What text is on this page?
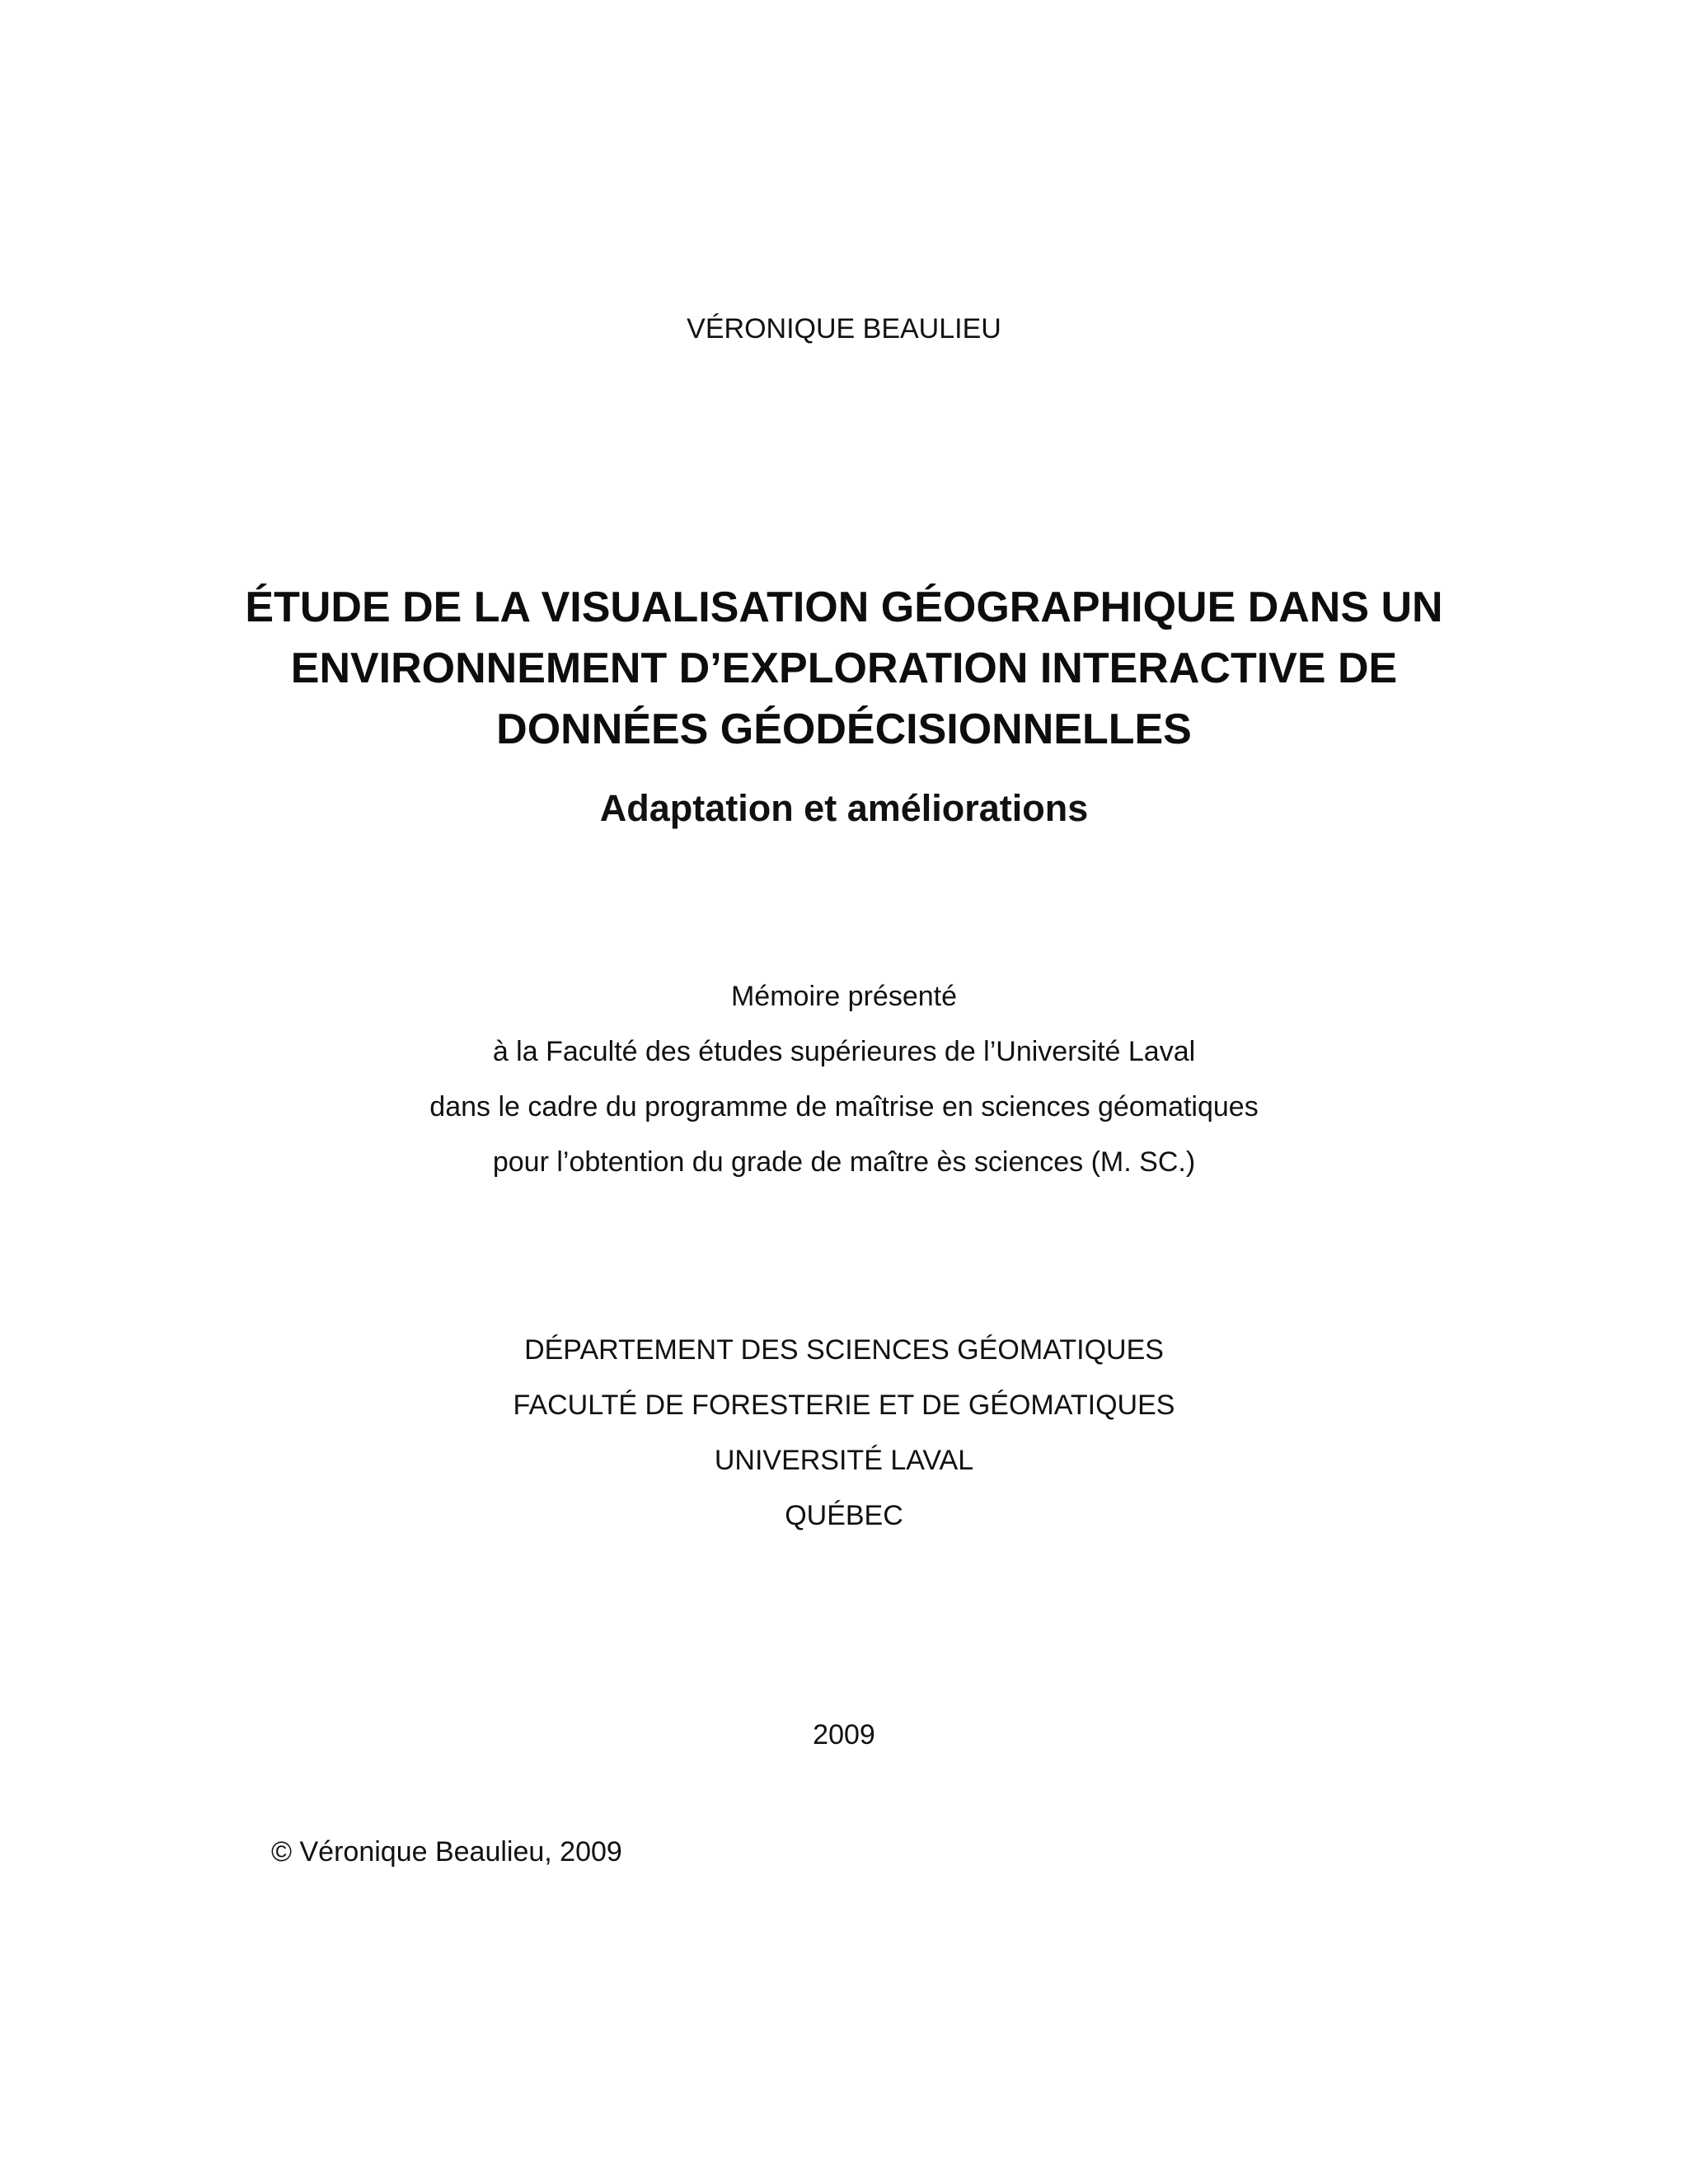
VÉRONIQUE BEAULIEU
ÉTUDE DE LA VISUALISATION GÉOGRAPHIQUE DANS UN
ENVIRONNEMENT D’EXPLORATION INTERACTIVE DE
DONNÉES GÉODÉCISIONNELLES
Adaptation et améliorations
Mémoire présenté
à la Faculté des études supérieures de l’Université Laval
dans le cadre du programme de maîtrise en sciences géomatiques
pour l’obtention du grade de maître ès sciences (M. SC.)
DÉPARTEMENT DES SCIENCES GÉOMATIQUES
FACULTÉ DE FORESTERIE ET DE GÉOMATIQUES
UNIVERSITÉ LAVAL
QUÉBEC
2009
© Véronique Beaulieu, 2009
